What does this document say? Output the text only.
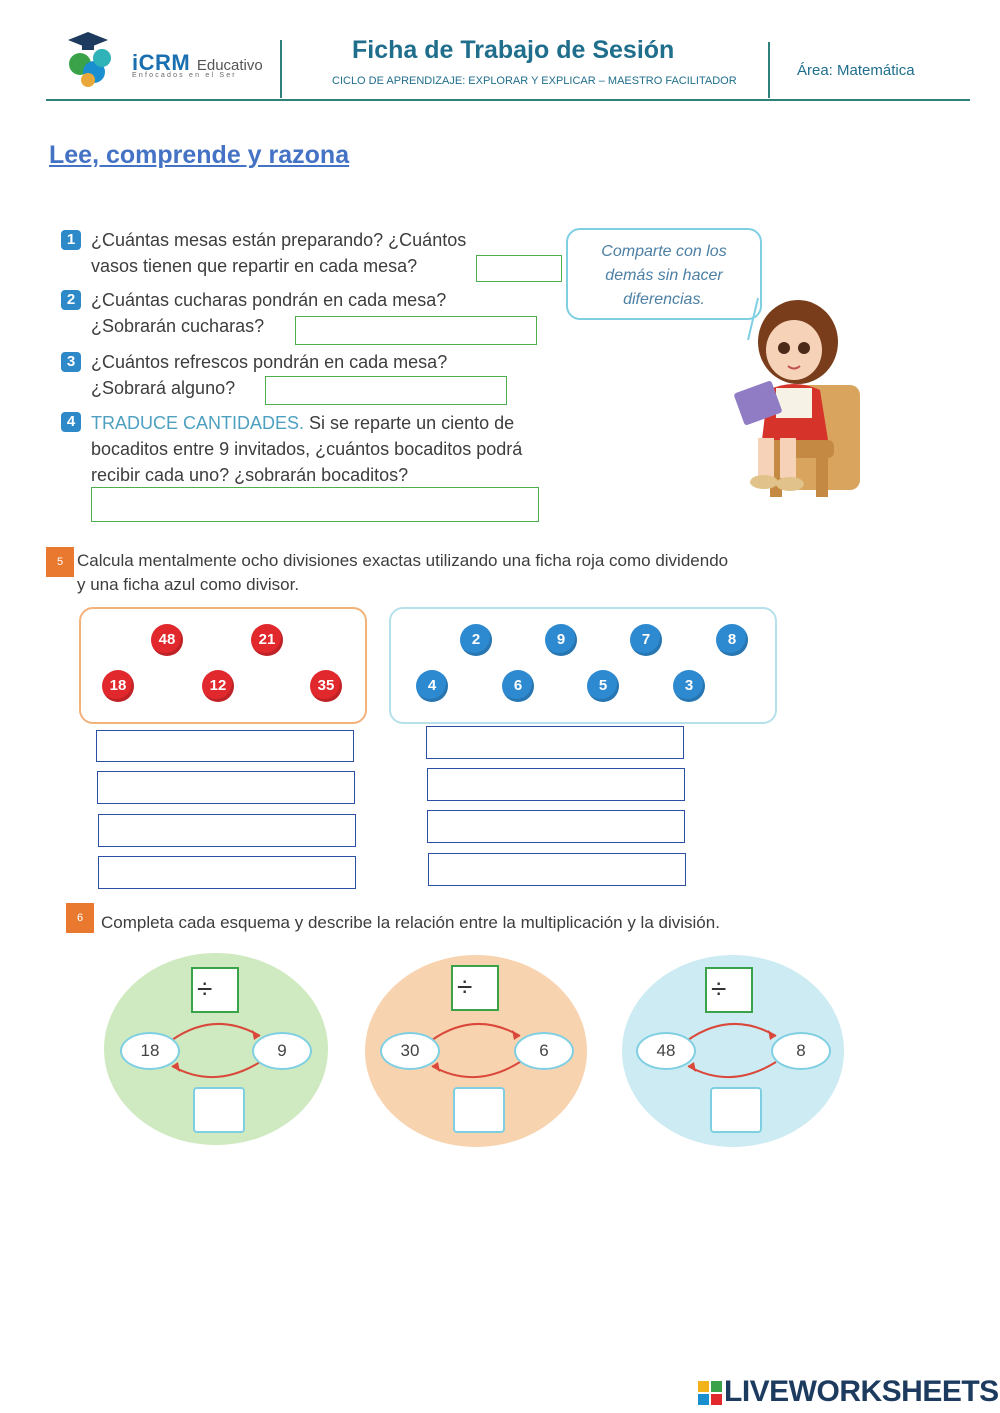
iCRM Educativo
Enfocados en el Ser
Ficha de Trabajo de Sesión
CICLO DE APRENDIZAJE: EXPLORAR Y EXPLICAR – MAESTRO FACILITADOR
Área: Matemática
Lee, comprende y razona
1 ¿Cuántas mesas están preparando? ¿Cuántos
vasos tienen que repartir en cada mesa?
2 ¿Cuántas cucharas pondrán en cada mesa?
¿Sobrarán cucharas?
3 ¿Cuántos refrescos pondrán en cada mesa?
¿Sobrará alguno?
4 TRADUCE CANTIDADES. Si se reparte un ciento de
bocaditos entre 9 invitados, ¿cuántos bocaditos podrá
recibir cada uno? ¿sobrarán bocaditos?
Comparte con los
demás sin hacer
diferencias.
5 Calcula mentalmente ocho divisiones exactas utilizando una ficha roja como dividendo
y una ficha azul como divisor.
48	21
18	12	35
2	9	7	8
4	6	5	3
6	Completa cada esquema y describe la relación entre la multiplicación y la división.
÷
18	9
÷
30	6
÷
48	8
LIVEWORKSHEETS
